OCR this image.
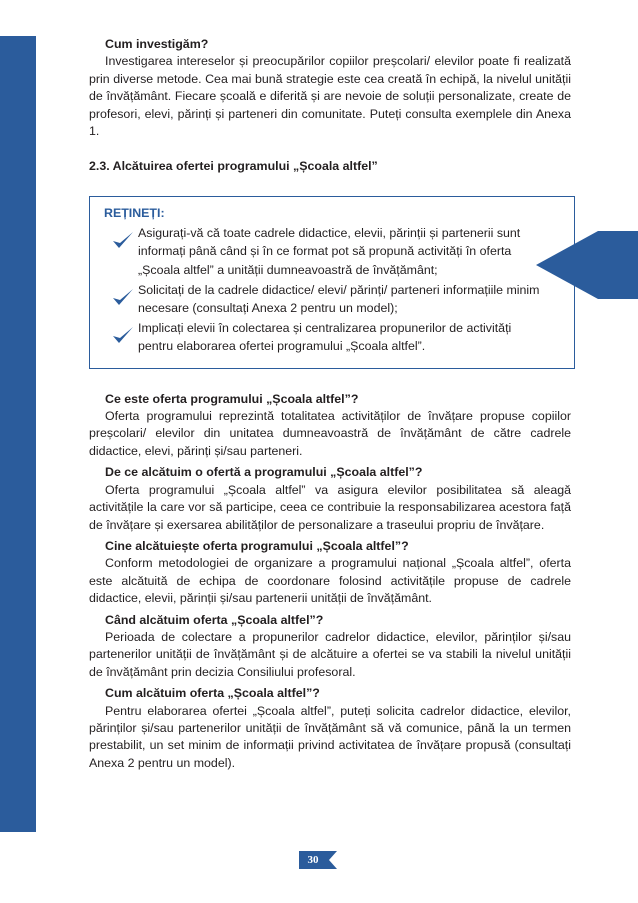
Cum investigăm?

Investigarea intereselor și preocupărilor copiilor preșcolari/ elevilor poate fi realizată prin diverse metode. Cea mai bună strategie este cea creată în echipă, la nivelul unității de învățământ. Fiecare școală e diferită și are nevoie de soluții personalizate, create de profesori, elevi, părinți și parteneri din comunitate. Puteți consulta exemplele din Anexa 1.

2.3. Alcătuirea ofertei programului „Școala altfel”

REȚINEȚI:

Asigurați-vă că toate cadrele didactice, elevii, părinții și partenerii sunt informați până când și în ce format pot să propună activități în oferta „Școala altfel” a unității dumneavoastră de învățământ;
Solicitați de la cadrele didactice/ elevi/ părinți/ parteneri informațiile minim necesare (consultați Anexa 2 pentru un model);
Implicați elevii în colectarea și centralizarea propunerilor de activități pentru elaborarea ofertei programului „Școala altfel”.

Ce este oferta programului „Școala altfel”?

Oferta programului reprezintă totalitatea activităților de învățare propuse copiilor preșcolari/ elevilor din unitatea dumneavoastră de învățământ de către cadrele didactice, elevi, părinți și/sau parteneri.

De ce alcătuim o ofertă a programului „Școala altfel”?

Oferta programului „Școala altfel” va asigura elevilor posibilitatea să aleagă activitățile la care vor să participe, ceea ce contribuie la responsabilizarea acestora față de învățare și exersarea abilităților de personalizare a traseului propriu de învățare.

Cine alcătuiește oferta programului „Școala altfel”?

Conform metodologiei de organizare a programului național „Școala altfel”, oferta este alcătuită de echipa de coordonare folosind activitățile propuse de cadrele didactice, elevii, părinții și/sau partenerii unității de învățământ.

Când alcătuim oferta „Școala altfel”?

Perioada de colectare a propunerilor cadrelor didactice, elevilor, părinților și/sau partenerilor unității de învățământ și de alcătuire a ofertei se va stabili la nivelul unității de învățământ prin decizia Consiliului profesoral.

Cum alcătuim oferta „Școala altfel”?

Pentru elaborarea ofertei „Școala altfel”, puteți solicita cadrelor didactice, elevilor, părinților și/sau partenerilor unității de învățământ să vă comunice, până la un termen prestabilit, un set minim de informații privind activitatea de învățare propusă (consultați Anexa 2 pentru un model).

30
